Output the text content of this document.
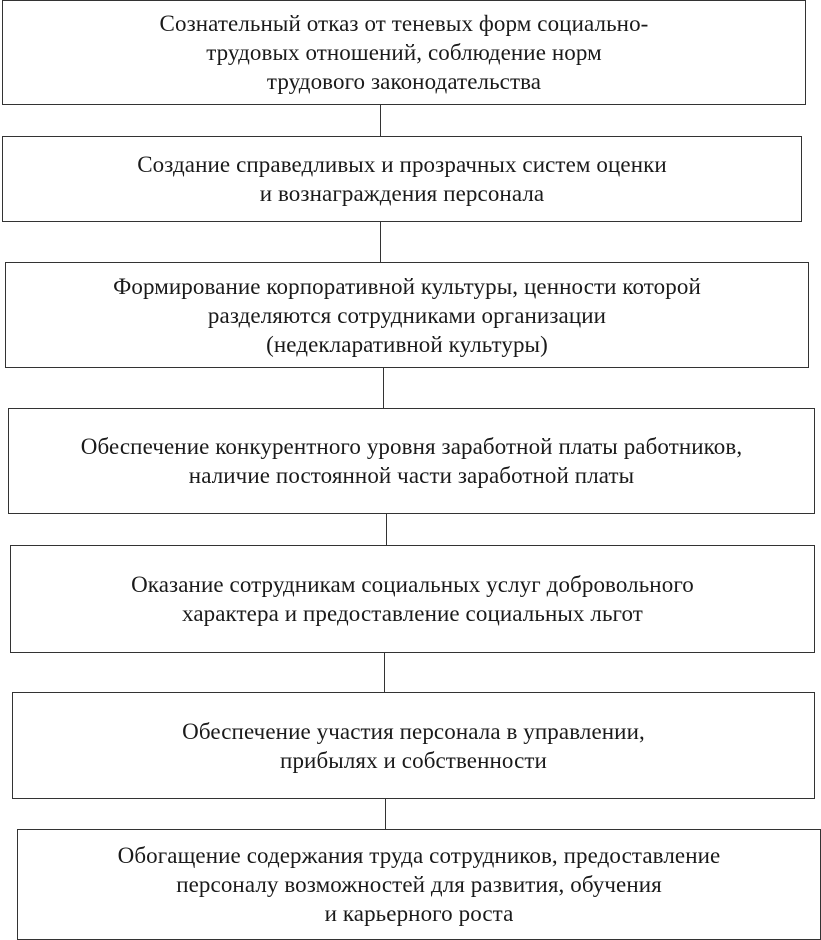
Сознательный отказ от теневых форм социально-
трудовых отношений, соблюдение норм
трудового законодательства
Создание справедливых и прозрачных систем оценки
и вознаграждения персонала
Формирование корпоративной культуры, ценности которой
разделяются сотрудниками организации
(недекларативной культуры)
Обеспечение конкурентного уровня заработной платы работников,
наличие постоянной части заработной платы
Оказание сотрудникам социальных услуг добровольного
характера и предоставление социальных льгот
Обеспечение участия персонала в управлении,
прибылях и собственности
Обогащение содержания труда сотрудников, предоставление
персоналу возможностей для развития, обучения
и карьерного роста
